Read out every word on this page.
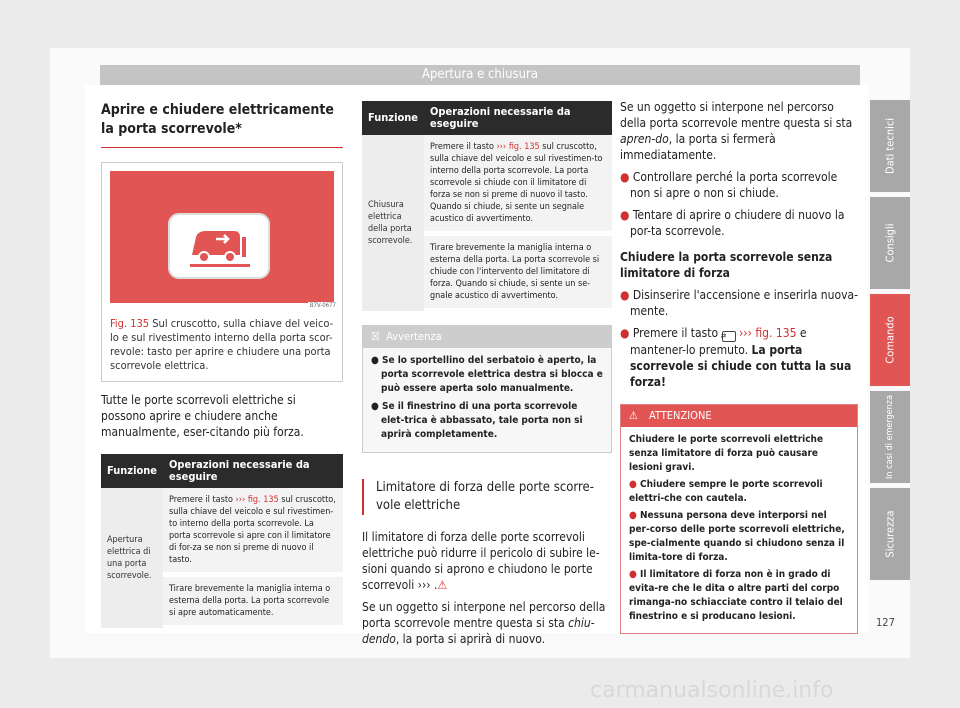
Apertura e chiusura
Aprire e chiudere elettricamente la porta scorrevole*
B7V-0677
Fig. 135 Sul cruscotto, sulla chiave del veico-lo e sul rivestimento interno della porta scor-revole: tasto per aprire e chiudere una porta scorrevole elettrica.

Tutte le porte scorrevoli elettriche si possono aprire e chiudere anche manualmente, eser-citando più forza.

Funzione	Operazioni necessarie da eseguire
Apertura elettrica di una porta scorrevole.	Premere il tasto ››› fig. 135 sul cruscotto, sulla chiave del veicolo e sul rivestimen-to interno della porta scorrevole. La porta scorrevole si apre con il limitatore di for-za se non si preme di nuovo il tasto.
	Tirare brevemente la maniglia interna o esterna della porta. La porta scorrevole si apre automaticamente.
Funzione	Operazioni necessarie da eseguire
Chiusura elettrica della porta scorrevole.	Premere il tasto ››› fig. 135 sul cruscotto, sulla chiave del veicolo e sul rivestimen-to interno della porta scorrevole. La porta scorrevole si chiude con il limitatore di forza se non si preme di nuovo il tasto. Quando si chiude, si sente un segnale acustico di avvertimento.
	Tirare brevemente la maniglia interna o esterna della porta. La porta scorrevole si chiude con l'intervento del limitatore di forza. Quando si chiude, si sente un se-gnale acustico di avvertimento.
☒ Avvertenza
● Se lo sportellino del serbatoio è aperto, la porta scorrevole elettrica destra si blocca e può essere aperta solo manualmente.
● Se il finestrino di una porta scorrevole elet-trica è abbassato, tale porta non si aprirà completamente.
Limitatore di forza delle porte scorre-vole elettriche

Il limitatore di forza delle porte scorrevoli elettriche può ridurre il pericolo di subire le-sioni quando si aprono e chiudono le porte scorrevoli ››› .⚠

Se un oggetto si interpone nel percorso della porta scorrevole mentre questa si sta chiu-dendo, la porta si aprirà di nuovo.

Se un oggetto si interpone nel percorso della porta scorrevole mentre questa si sta apren-do, la porta si fermerà immediatamente.

● Controllare perché la porta scorrevole non si apre o non si chiude.
● Tentare di aprire o chiudere di nuovo la por-ta scorrevole.

Chiudere la porta scorrevole senza limitatore di forza

● Disinserire l'accensione e inserirla nuova-mente.
● Premere il tasto ⇄ ››› fig. 135 e mantener-lo premuto. La porta scorrevole si chiude con tutta la sua forza!
⚠ ATTENZIONE
Chiudere le porte scorrevoli elettriche senza limitatore di forza può causare lesioni gravi.
● Chiudere sempre le porte scorrevoli elettri-che con cautela.
● Nessuna persona deve interporsi nel per-corso delle porte scorrevoli elettriche, spe-cialmente quando si chiudono senza il limita-tore di forza.
● Il limitatore di forza non è in grado di evita-re che le dita o altre parti del corpo rimanga-no schiacciate contro il telaio del finestrino e si producano lesioni.
Dati tecnici
Consigli
Comando
In casi di emergenza
Sicurezza
127
carmanualsonline.info
